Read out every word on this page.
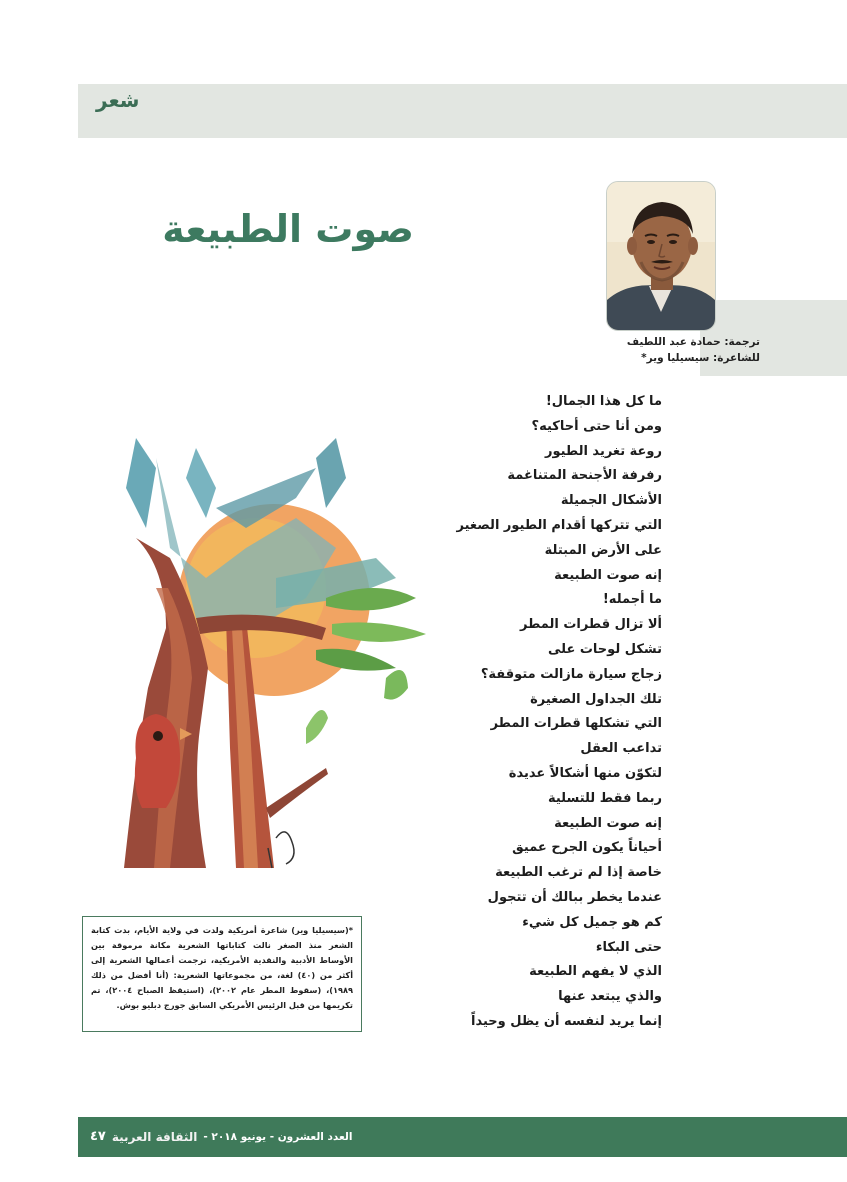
شعر
صوت الطبيعة
ترجمة: حمادة عبد اللطيف
للشاعرة: سيسيليا وير*
ما كل هذا الجمال!
ومن أنا حتى أحاكيه؟
روعة تغريد الطيور
رفرفة الأجنحة المتناغمة
الأشكال الجميلة
التي تتركها أقدام الطيور الصغير
على الأرض المبتلة
إنه صوت الطبيعة
ما أجمله!
ألا تزال قطرات المطر
تشكل لوحات على
زجاج سيارة مازالت متوقفة؟
تلك الجداول الصغيرة
التي تشكلها قطرات المطر
تداعب العقل
لتكوّن منها أشكالاً عديدة
ربما فقط للتسلية
إنه صوت الطبيعة
أحياناً يكون الجرح عميق
خاصة إذا لم ترغب الطبيعة
عندما يخطر ببالك أن تتجول
كم هو جميل كل شيء
حتى البكاء
الذي لا يفهم الطبيعة
والذي يبتعد عنها
إنما يريد لنفسه أن يظل وحيداً
*(سيسيليا وير) شاعرة أمريكية ولدت في ولاية الأيام، بدت كتابة الشعر منذ الصغر نالت كتاباتها الشعرية مكانة مرموقة بين الأوساط الأدبية والنقدية الأمريكية، ترجمت أعمالها الشعرية إلى أكثر من (٤٠) لغة، من مجموعاتها الشعرية: (أنا أفضل من ذلك ١٩٨٩)، (سقوط المطر عام ٢٠٠٢)، (استيقظ الصباح ٢٠٠٤)، تم تكريمها من قبل الرئيس الأمريكي السابق جورج دبليو بوش.
العدد العشرون - يونيو ٢٠١٨ -
الثقافة العربية
٤٧
